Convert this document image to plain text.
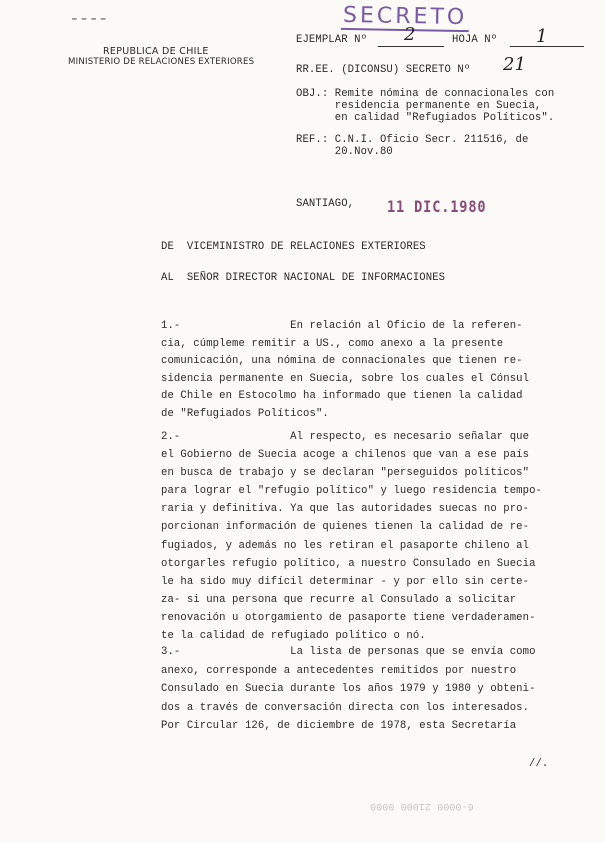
▬ ▬ ▬ ▬
REPUBLICA DE CHILE
MINISTERIO DE RELACIONES EXTERIORES
SECRETO
EJEMPLAR Nº 2	HOJA Nº 1
RR.EE. (DICONSU) SECRETO Nº 21
OBJ.: Remite nómina de connacionales con
residencia permanente en Suecia,
en calidad "Refugiados Políticos".
REF.: C.N.I. Oficio Secr. 211516, de
20.Nov.80
SANTIAGO, 11 DIC.1980
DE  VICEMINISTRO DE RELACIONES EXTERIORES
AL  SEÑOR DIRECTOR NACIONAL DE INFORMACIONES
1.-                 En relación al Oficio de la referen-
cia, cúmpleme remitir a US., como anexo a la presente
comunicación, una nómina de connacionales que tienen re-
sidencia permanente en Suecia, sobre los cuales el Cónsul
de Chile en Estocolmo ha informado que tienen la calidad
de "Refugiados Políticos".
2.-                 Al respecto, es necesario señalar que
el Gobierno de Suecia acoge a chilenos que van a ese país
en busca de trabajo y se declaran "perseguidos políticos"
para lograr el "refugio político" y luego residencia tempo-
raria y definitiva. Ya que las autoridades suecas no pro-
porcionan información de quienes tienen la calidad de re-
fugiados, y además no les retiran el pasaporte chileno al
otorgarles refugio político, a nuestro Consulado en Suecia
le ha sido muy difícil determinar - y por ello sin certe-
za- si una persona que recurre al Consulado a solicitar
renovación u otorgamiento de pasaporte tiene verdaderamen-
te la calidad de refugiado político o nó.
3.-                 La lista de personas que se envía como
anexo, corresponde a antecedentes remitidos por nuestro
Consulado en Suecia durante los años 1979 y 1980 y obteni-
dos a través de conversación directa con los interesados.
Por Circular 126, de diciembre de 1978, esta Secretaría
//.
6-0000 21000 0000
